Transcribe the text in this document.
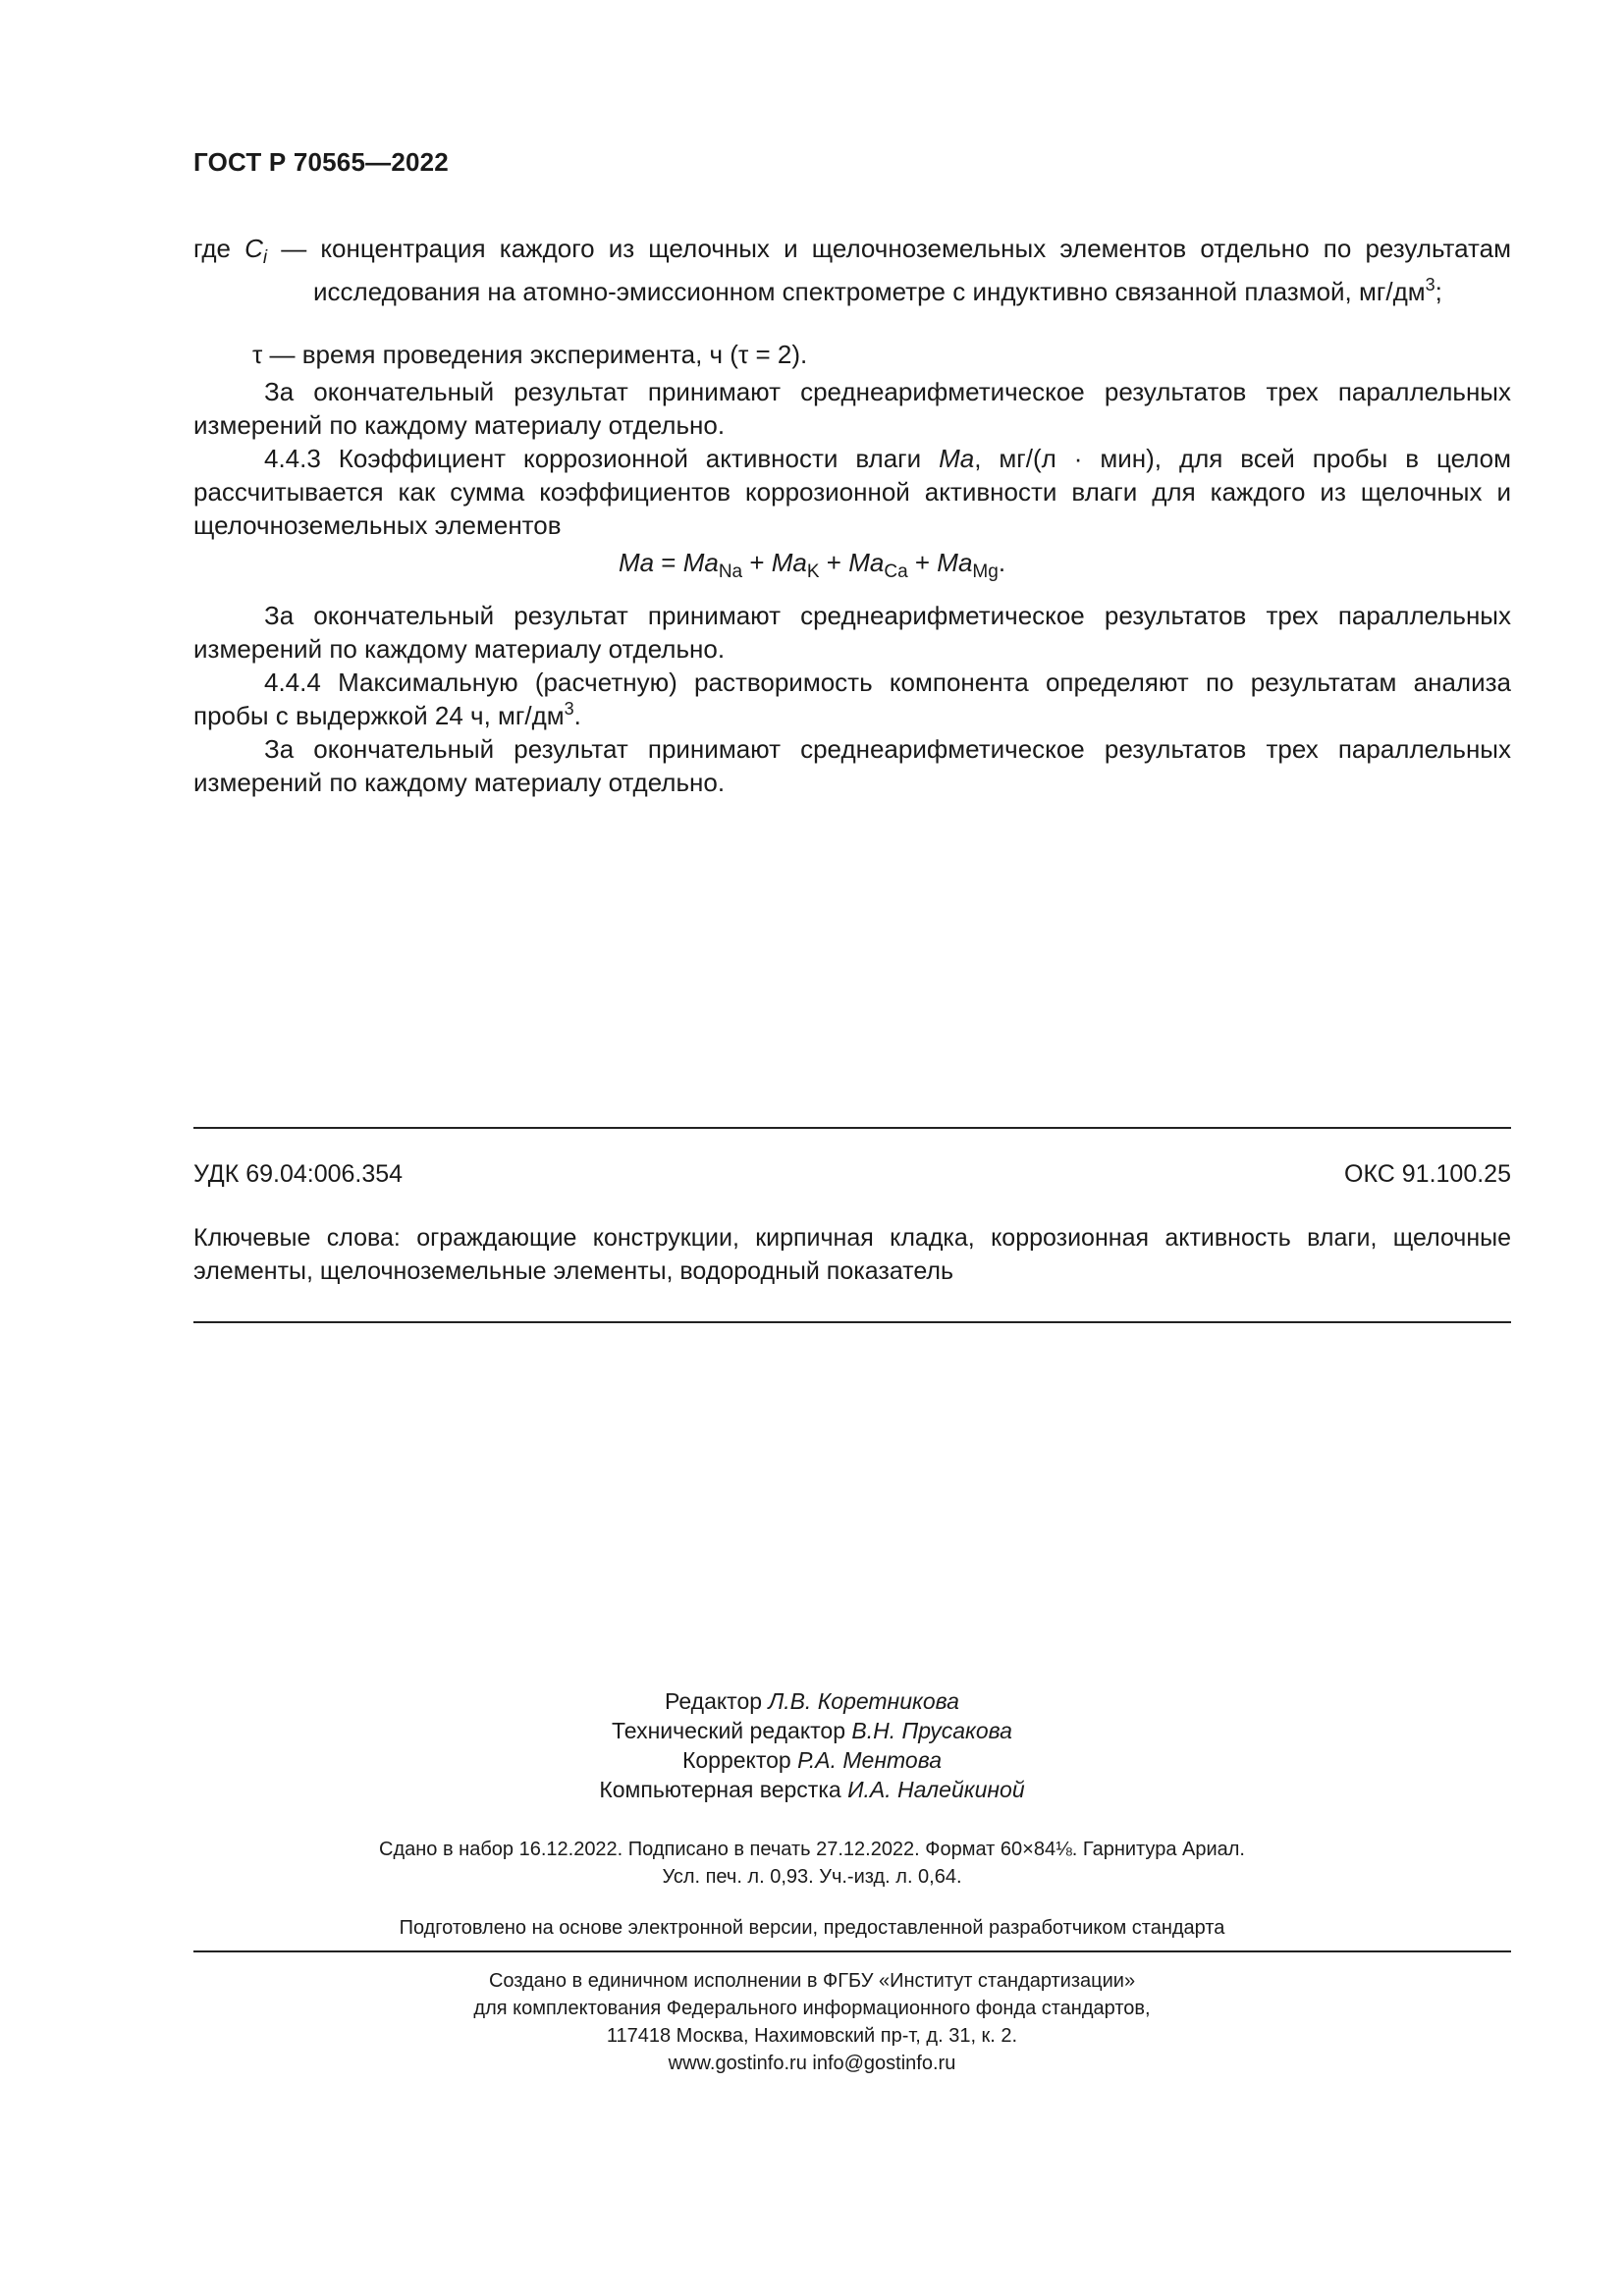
ГОСТ Р 70565—2022
где $C_i$ — концентрация каждого из щелочных и щелочноземельных элементов отдельно по результатам исследования на атомно-эмиссионном спектрометре с индуктивно связанной плазмой, $мг/дм^3$;
τ — время проведения эксперимента, ч (τ = 2).
За окончательный результат принимают среднеарифметическое результатов трех параллельных измерений по каждому материалу отдельно.
4.4.3 Коэффициент коррозионной активности влаги Ma, мг/(л · мин), для всей пробы в целом рассчитывается как сумма коэффициентов коррозионной активности влаги для каждого из щелочных и щелочноземельных элементов
$Ma = Ma_{Na} + Ma_K + Ma_{Ca} + Ma_{Mg}$.
За окончательный результат принимают среднеарифметическое результатов трех параллельных измерений по каждому материалу отдельно.
4.4.4 Максимальную (расчетную) растворимость компонента определяют по результатам анализа пробы с выдержкой 24 ч, $мг/дм^3$.
За окончательный результат принимают среднеарифметическое результатов трех параллельных измерений по каждому материалу отдельно.
УДК 69.04:006.354	ОКС 91.100.25
Ключевые слова: ограждающие конструкции, кирпичная кладка, коррозионная активность влаги, щелочные элементы, щелочноземельные элементы, водородный показатель
Редактор Л.В. Коретникова
Технический редактор В.Н. Прусакова
Корректор Р.А. Ментова
Компьютерная верстка И.А. Налейкиной
Сдано в набор 16.12.2022. Подписано в печать 27.12.2022. Формат 60×84⅛. Гарнитура Ариал.
Усл. печ. л. 0,93. Уч.-изд. л. 0,64.
Подготовлено на основе электронной версии, предоставленной разработчиком стандарта
Создано в единичном исполнении в ФГБУ «Институт стандартизации»
для комплектования Федерального информационного фонда стандартов,
117418 Москва, Нахимовский пр-т, д. 31, к. 2.
www.gostinfo.ru info@gostinfo.ru
